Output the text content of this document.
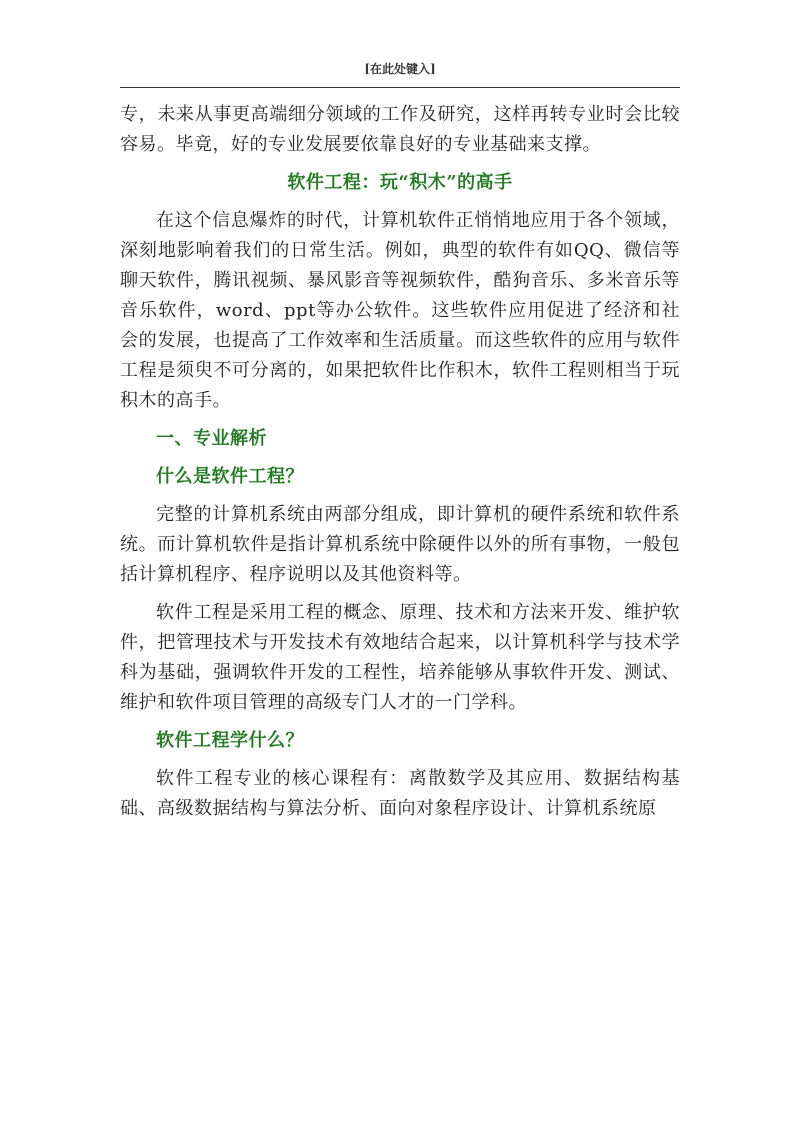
[在此处键入]

专，未来从事更高端细分领域的工作及研究，这样再转专业时会比较容易。毕竟，好的专业发展要依靠良好的专业基础来支撑。

软件工程：玩“积木”的高手

在这个信息爆炸的时代，计算机软件正悄悄地应用于各个领域，深刻地影响着我们的日常生活。例如，典型的软件有如QQ、微信等聊天软件，腾讯视频、暴风影音等视频软件，酷狗音乐、多米音乐等音乐软件，word、ppt等办公软件。这些软件应用促进了经济和社会的发展，也提高了工作效率和生活质量。而这些软件的应用与软件工程是须臾不可分离的，如果把软件比作积木，软件工程则相当于玩积木的高手。

一、专业解析

什么是软件工程？

完整的计算机系统由两部分组成，即计算机的硬件系统和软件系统。而计算机软件是指计算机系统中除硬件以外的所有事物，一般包括计算机程序、程序说明以及其他资料等。

软件工程是采用工程的概念、原理、技术和方法来开发、维护软件，把管理技术与开发技术有效地结合起来，以计算机科学与技术学科为基础，强调软件开发的工程性，培养能够从事软件开发、测试、维护和软件项目管理的高级专门人才的一门学科。

软件工程学什么？

软件工程专业的核心课程有：离散数学及其应用、数据结构基础、高级数据结构与算法分析、面向对象程序设计、计算机系统原
